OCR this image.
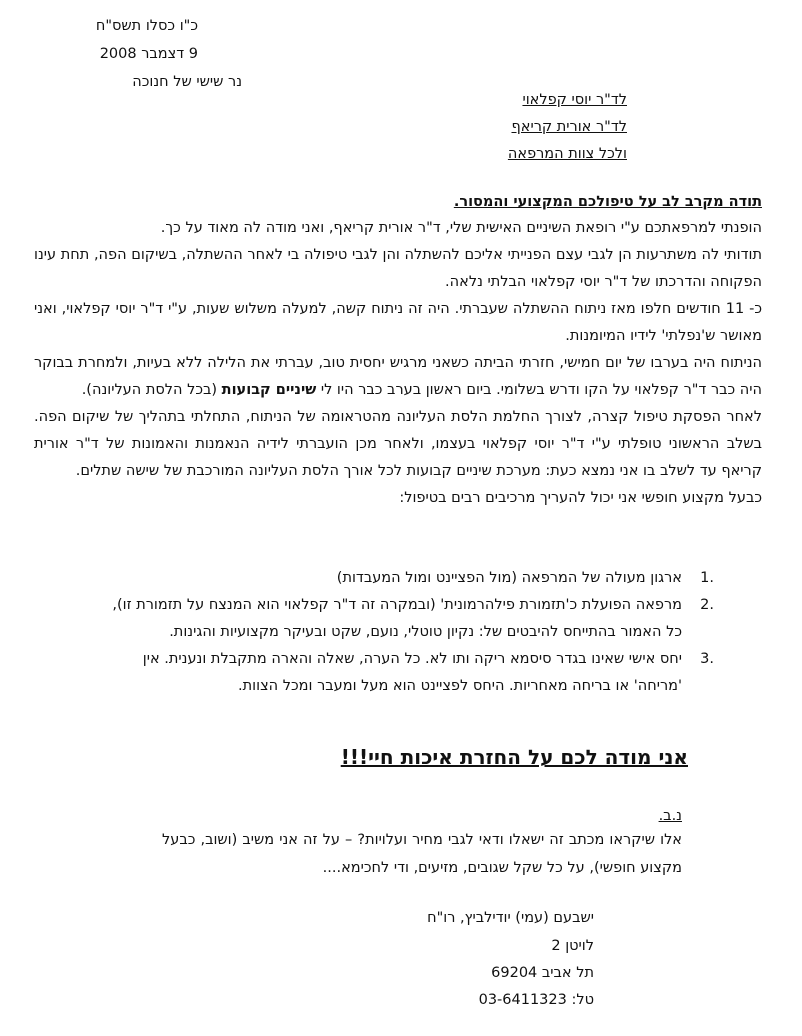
כ"ו כסלו תשס"ח
9 דצמבר 2008
נר שישי של חנוכה
לד"ר יוסי קפלאוי
לד"ר אורית קריאף
ולכל צוות המרפאה
תודה מקרב לב על טיפולכם המקצועי והמסור.

הופנתי למרפאתכם ע"י רופאת השיניים האישית שלי, ד"ר אורית קריאף, ואני מודה לה מאוד על כך.

תודותי לה משתרעות הן לגבי עצם הפנייתי אליכם להשתלה והן לגבי טיפולה בי לאחר ההשתלה, בשיקום הפה, תחת עינו הפקוחה והדרכתו של ד"ר יוסי קפלאוי הבלתי נלאה.

כ- 11 חודשים חלפו מאז ניתוח ההשתלה שעברתי. היה זה ניתוח קשה, למעלה משלוש שעות, ע"י ד"ר יוסי קפלאוי, ואני מאושר ש'נפלתי' לידיו המיומנות.

הניתוח היה בערבו של יום חמישי, חזרתי הביתה כשאני מרגיש יחסית טוב, עברתי את הלילה ללא בעיות, ולמחרת בבוקר היה כבר ד"ר קפלאוי על הקו ודרש בשלומי. ביום ראשון בערב כבר היו לי שיניים קבועות (בכל הלסת העליונה).

לאחר הפסקת טיפול קצרה, לצורך החלמת הלסת העליונה מהטראומה של הניתוח, התחלתי בתהליך של שיקום הפה. בשלב הראשוני טופלתי ע"י ד"ר יוסי קפלאוי בעצמו, ולאחר מכן הועברתי לידיה הנאמנות והאמונות של ד"ר אורית קריאף עד לשלב בו אני נמצא כעת: מערכת שיניים קבועות לכל אורך הלסת העליונה המורכבת של שישה שתלים.

כבעל מקצוע חופשי אני יכול להעריך מרכיבים רבים בטיפול:

1.
ארגון מעולה של המרפאה (מול הפציינט ומול המעבדות)
2.
מרפאה הפועלת כ'תזמורת פילהרמונית' (ובמקרה זה ד"ר קפלאוי הוא המנצח על תזמורת זו), כל האמור בהתייחס להיבטים של: נקיון טוטלי, נועם, שקט ובעיקר מקצועיות והגינות.
3.
יחס אישי שאינו בגדר סיסמא ריקה ותו לא. כל הערה, שאלה והארה מתקבלת ונענית. אין 'מריחה' או בריחה מאחריות. היחס לפציינט הוא מעל ומעבר ומכל הצוות.
אני מודה לכם על החזרת איכות חיי!!!
נ.ב.
אלו שיקראו מכתב זה ישאלו ודאי לגבי מחיר ועלויות? – על זה אני משיב (ושוב, כבעל מקצוע חופשי), על כל שקל שגובים, מזיעים, ודי לחכימא....
ישבעם (עמי) יודילביץ, רו"ח
לויטן 2
תל אביב 69204
טל: 03-6411323
